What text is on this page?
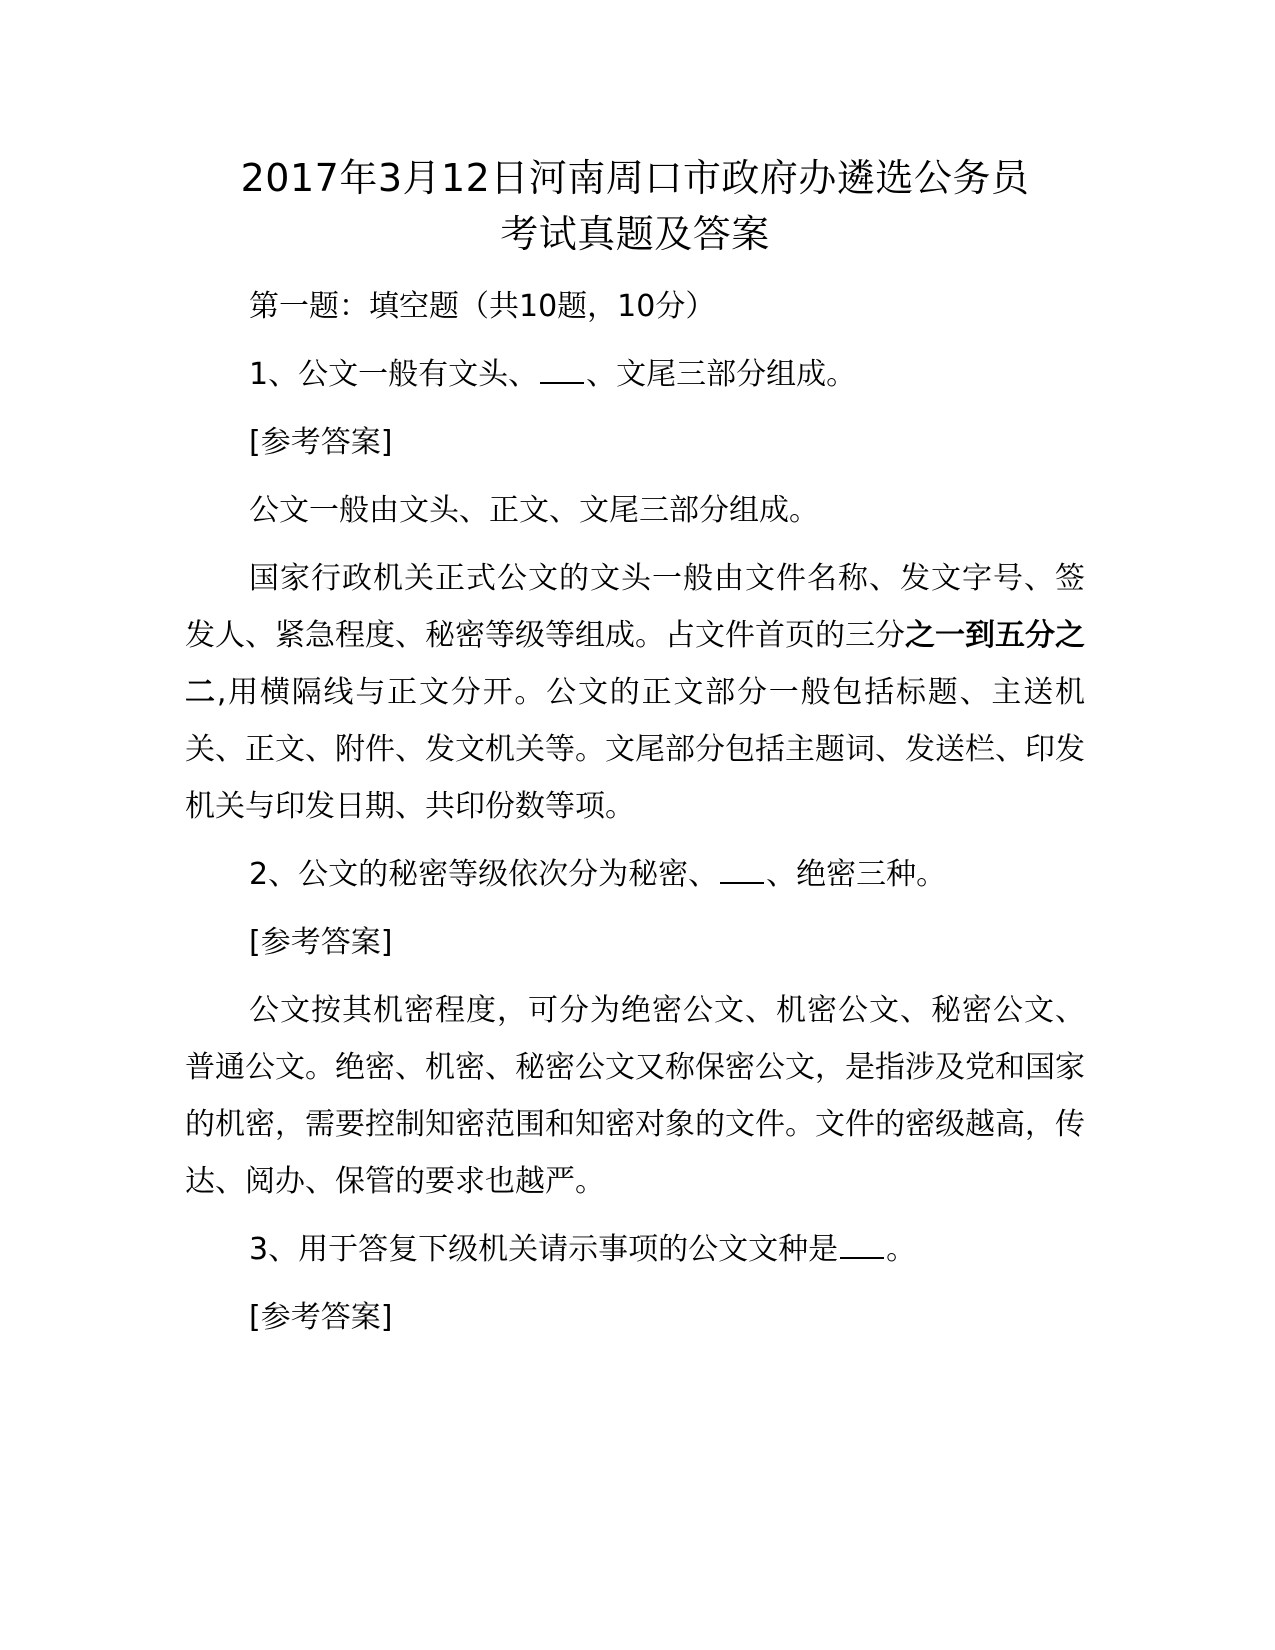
2017年3月12日河南周口市政府办遴选公务员
考试真题及答案

第一题：填空题（共10题，10分）

1、公文一般有文头、 、文尾三部分组成。

[参考答案]

公文一般由文头、正文、文尾三部分组成。

国家行政机关正式公文的文头一般由文件名称、发文字号、签发人、紧急程度、秘密等级等组成。占文件首页的三分之一到五分之二,用横隔线与正文分开。公文的正文部分一般包括标题、主送机关、正文、附件、发文机关等。文尾部分包括主题词、发送栏、印发机关与印发日期、共印份数等项。

2、公文的秘密等级依次分为秘密、 、绝密三种。

[参考答案]

公文按其机密程度，可分为绝密公文、机密公文、秘密公文、普通公文。绝密、机密、秘密公文又称保密公文，是指涉及党和国家的机密，需要控制知密范围和知密对象的文件。文件的密级越高，传达、阅办、保管的要求也越严。

3、用于答复下级机关请示事项的公文文种是 。

[参考答案]
